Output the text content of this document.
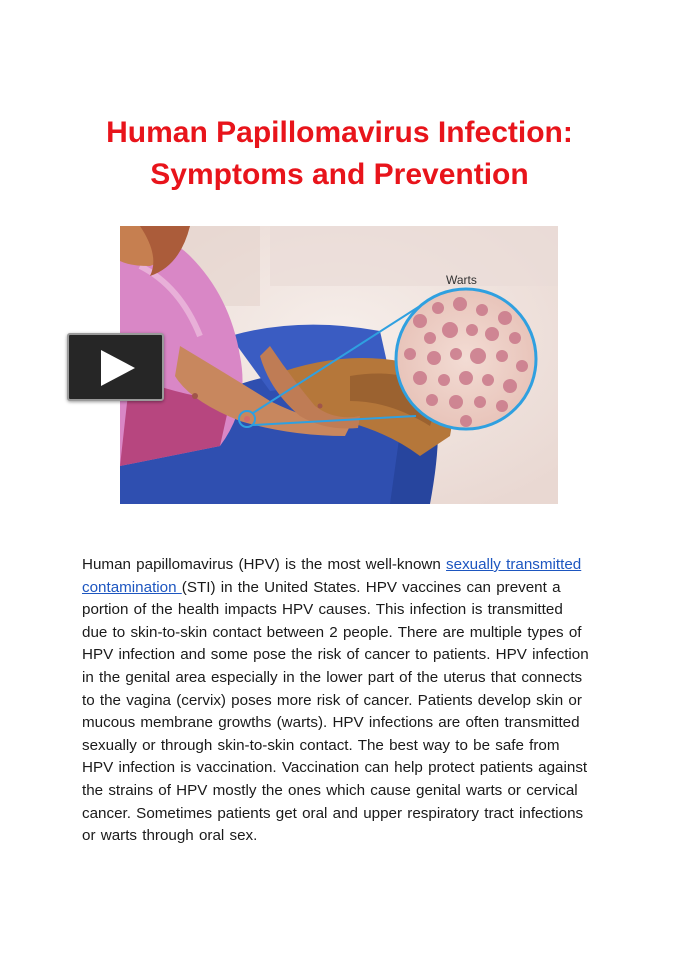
Human Papillomavirus Infection:
Symptoms and Prevention
Warts
Human papillomavirus (HPV) is the most well-known sexually transmitted contamination (STI) in the United States. HPV vaccines can prevent a portion of the health impacts HPV causes. This infection is transmitted due to skin-to-skin contact between 2 people. There are multiple types of HPV infection and some pose the risk of cancer to patients. HPV infection in the genital area especially in the lower part of the uterus that connects to the vagina (cervix) poses more risk of cancer. Patients develop skin or mucous membrane growths (warts). HPV infections are often transmitted sexually or through skin-to-skin contact. The best way to be safe from HPV infection is vaccination. Vaccination can help protect patients against the strains of HPV mostly the ones which cause genital warts or cervical cancer. Sometimes patients get oral and upper respiratory tract infections or warts through oral sex.
